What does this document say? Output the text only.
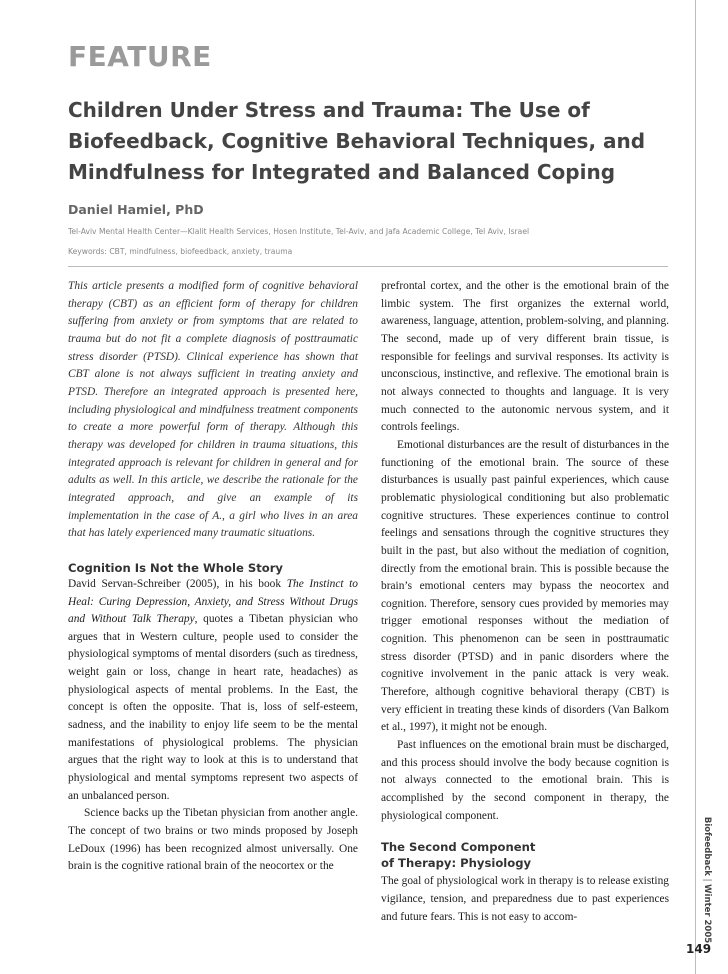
FEATURE
Children Under Stress and Trauma: The Use of
Biofeedback, Cognitive Behavioral Techniques, and
Mindfulness for Integrated and Balanced Coping
Daniel Hamiel, PhD
Tel-Aviv Mental Health Center—Klalit Health Services, Hosen Institute, Tel-Aviv, and Jafa Academic College, Tel Aviv, Israel
Keywords: CBT, mindfulness, biofeedback, anxiety, trauma

This article presents a modified form of cognitive behavioral therapy (CBT) as an efficient form of therapy for children suffering from anxiety or from symptoms that are related to trauma but do not fit a complete diagnosis of posttraumatic stress disorder (PTSD). Clinical experience has shown that CBT alone is not always sufficient in treating anxiety and PTSD. Therefore an integrated approach is presented here, including physiological and mindfulness treatment components to create a more powerful form of therapy. Although this therapy was developed for children in trauma situations, this integrated approach is relevant for children in general and for adults as well. In this article, we describe the rationale for the integrated approach, and give an example of its implementation in the case of A., a girl who lives in an area that has lately experienced many traumatic situations.

Cognition Is Not the Whole Story

David Servan-Schreiber (2005), in his book The Instinct to Heal: Curing Depression, Anxiety, and Stress Without Drugs and Without Talk Therapy, quotes a Tibetan physician who argues that in Western culture, people used to consider the physiological symptoms of mental disorders (such as tiredness, weight gain or loss, change in heart rate, headaches) as physiological aspects of mental problems. In the East, the concept is often the opposite. That is, loss of self-esteem, sadness, and the inability to enjoy life seem to be the mental manifestations of physiological problems. The physician argues that the right way to look at this is to understand that physiological and mental symptoms represent two aspects of an unbalanced person.

Science backs up the Tibetan physician from another angle. The concept of two brains or two minds proposed by Joseph LeDoux (1996) has been recognized almost universally. One brain is the cognitive rational brain of the neocortex or the

prefrontal cortex, and the other is the emotional brain of the limbic system. The first organizes the external world, awareness, language, attention, problem-solving, and planning. The second, made up of very different brain tissue, is responsible for feelings and survival responses. Its activity is unconscious, instinctive, and reflexive. The emotional brain is not always connected to thoughts and language. It is very much connected to the autonomic nervous system, and it controls feelings.

Emotional disturbances are the result of disturbances in the functioning of the emotional brain. The source of these disturbances is usually past painful experiences, which cause problematic physiological conditioning but also problematic cognitive structures. These experiences continue to control feelings and sensations through the cognitive structures they built in the past, but also without the mediation of cognition, directly from the emotional brain. This is possible because the brain’s emotional centers may bypass the neocortex and cognition. Therefore, sensory cues provided by memories may trigger emotional responses without the mediation of cognition. This phenomenon can be seen in posttraumatic stress disorder (PTSD) and in panic disorders where the cognitive involvement in the panic attack is very weak. Therefore, although cognitive behavioral therapy (CBT) is very efficient in treating these kinds of disorders (Van Balkom et al., 1997), it might not be enough.

Past influences on the emotional brain must be discharged, and this process should involve the body because cognition is not always connected to the emotional brain. This is accomplished by the second component in therapy, the physiological component.

The Second Component
of Therapy: Physiology

The goal of physiological work in therapy is to release existing vigilance, tension, and preparedness due to past experiences and future fears. This is not easy to accom-

Biofeedback | Winter 2005
149
